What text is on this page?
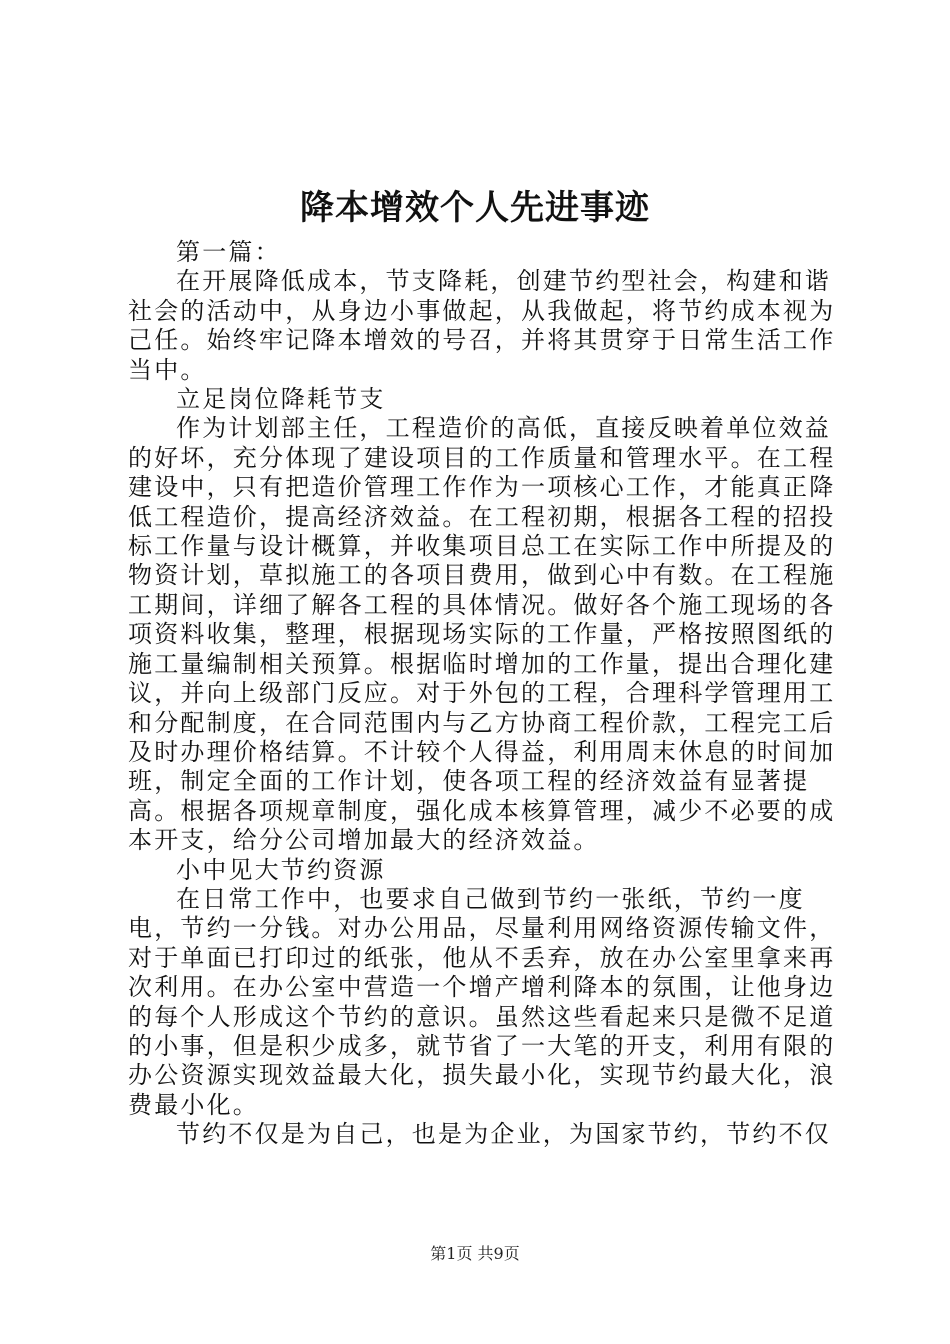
降本增效个人先进事迹

第一篇：

在开展降低成本，节支降耗，创建节约型社会，构建和谐社会的活动中，从身边小事做起，从我做起，将节约成本视为己任。始终牢记降本增效的号召，并将其贯穿于日常生活工作当中。

立足岗位降耗节支

作为计划部主任，工程造价的高低，直接反映着单位效益的好坏，充分体现了建设项目的工作质量和管理水平。在工程建设中，只有把造价管理工作作为一项核心工作，才能真正降低工程造价，提高经济效益。在工程初期，根据各工程的招投标工作量与设计概算，并收集项目总工在实际工作中所提及的物资计划，草拟施工的各项目费用，做到心中有数。在工程施工期间，详细了解各工程的具体情况。做好各个施工现场的各项资料收集，整理，根据现场实际的工作量，严格按照图纸的施工量编制相关预算。根据临时增加的工作量，提出合理化建议，并向上级部门反应。对于外包的工程，合理科学管理用工和分配制度，在合同范围内与乙方协商工程价款，工程完工后及时办理价格结算。不计较个人得益，利用周末休息的时间加班，制定全面的工作计划，使各项工程的经济效益有显著提高。根据各项规章制度，强化成本核算管理，减少不必要的成本开支，给分公司增加最大的经济效益。

小中见大节约资源

在日常工作中，也要求自己做到节约一张纸，节约一度电，节约一分钱。对办公用品，尽量利用网络资源传输文件，对于单面已打印过的纸张，他从不丢弃，放在办公室里拿来再次利用。在办公室中营造一个增产增利降本的氛围，让他身边的每个人形成这个节约的意识。虽然这些看起来只是微不足道的小事，但是积少成多，就节省了一大笔的开支，利用有限的办公资源实现效益最大化，损失最小化，实现节约最大化，浪费最小化。

节约不仅是为自己，也是为企业，为国家节约，节约不仅

第1页 共9页
